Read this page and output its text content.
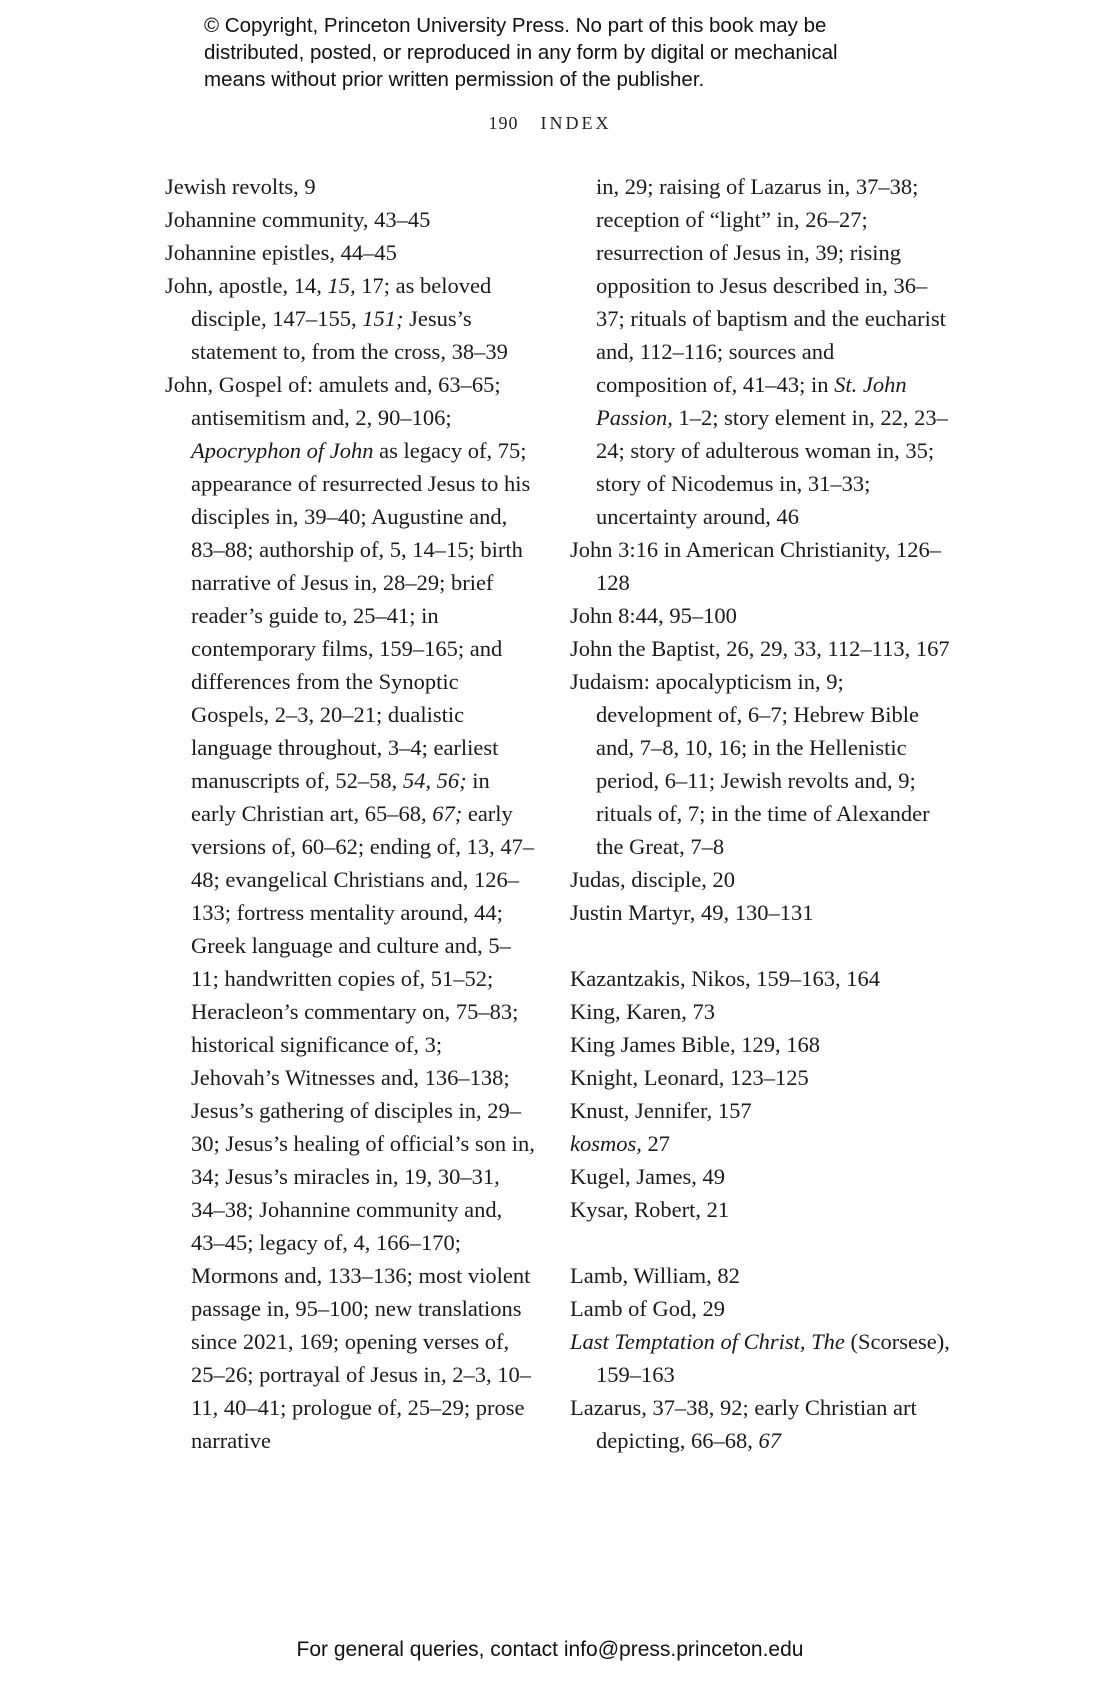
© Copyright, Princeton University Press. No part of this book may be
distributed, posted, or reproduced in any form by digital or mechanical
means without prior written permission of the publisher.
190 INDEX

Jewish revolts, 9

Johannine community, 43–45

Johannine epistles, 44–45

John, apostle, 14, 15, 17; as beloved disciple, 147–155, 151; Jesus’s statement to, from the cross, 38–39

John, Gospel of: amulets and, 63–65; antisemitism and, 2, 90–106; Apocryphon of John as legacy of, 75; appearance of resurrected Jesus to his disciples in, 39–40; Augustine and, 83–88; authorship of, 5, 14–15; birth narrative of Jesus in, 28–29; brief reader’s guide to, 25–41; in contemporary films, 159–165; and differences from the Synoptic Gospels, 2–3, 20–21; dualistic language throughout, 3–4; earliest manuscripts of, 52–58, 54, 56; in early Christian art, 65–68, 67; early versions of, 60–62; ending of, 13, 47–48; evangelical Christians and, 126–133; fortress mentality around, 44; Greek language and culture and, 5–11; handwritten copies of, 51–52; Heracleon’s commentary on, 75–83; historical significance of, 3; Jehovah’s Witnesses and, 136–138; Jesus’s gathering of disciples in, 29–30; Jesus’s healing of official’s son in, 34; Jesus’s miracles in, 19, 30–31, 34–38; Johannine community and, 43–45; legacy of, 4, 166–170; Mormons and, 133–136; most violent passage in, 95–100; new translations since 2021, 169; opening verses of, 25–26; portrayal of Jesus in, 2–3, 10–11, 40–41; prologue of, 25–29; prose narrative

in, 29; raising of Lazarus in, 37–38; reception of “light” in, 26–27; resurrection of Jesus in, 39; rising opposition to Jesus described in, 36–37; rituals of baptism and the eucharist and, 112–116; sources and composition of, 41–43; in St. John Passion, 1–2; story element in, 22, 23–24; story of adulterous woman in, 35; story of Nicodemus in, 31–33; uncertainty around, 46

John 3:16 in American Christianity, 126–128

John 8:44, 95–100

John the Baptist, 26, 29, 33, 112–113, 167

Judaism: apocalypticism in, 9; development of, 6–7; Hebrew Bible and, 7–8, 10, 16; in the Hellenistic period, 6–11; Jewish revolts and, 9; rituals of, 7; in the time of Alexander the Great, 7–8

Judas, disciple, 20

Justin Martyr, 49, 130–131

Kazantzakis, Nikos, 159–163, 164

King, Karen, 73

King James Bible, 129, 168

Knight, Leonard, 123–125

Knust, Jennifer, 157

kosmos, 27

Kugel, James, 49

Kysar, Robert, 21

Lamb, William, 82

Lamb of God, 29

Last Temptation of Christ, The (Scorsese), 159–163

Lazarus, 37–38, 92; early Christian art depicting, 66–68, 67

For general queries, contact info@press.princeton.edu
